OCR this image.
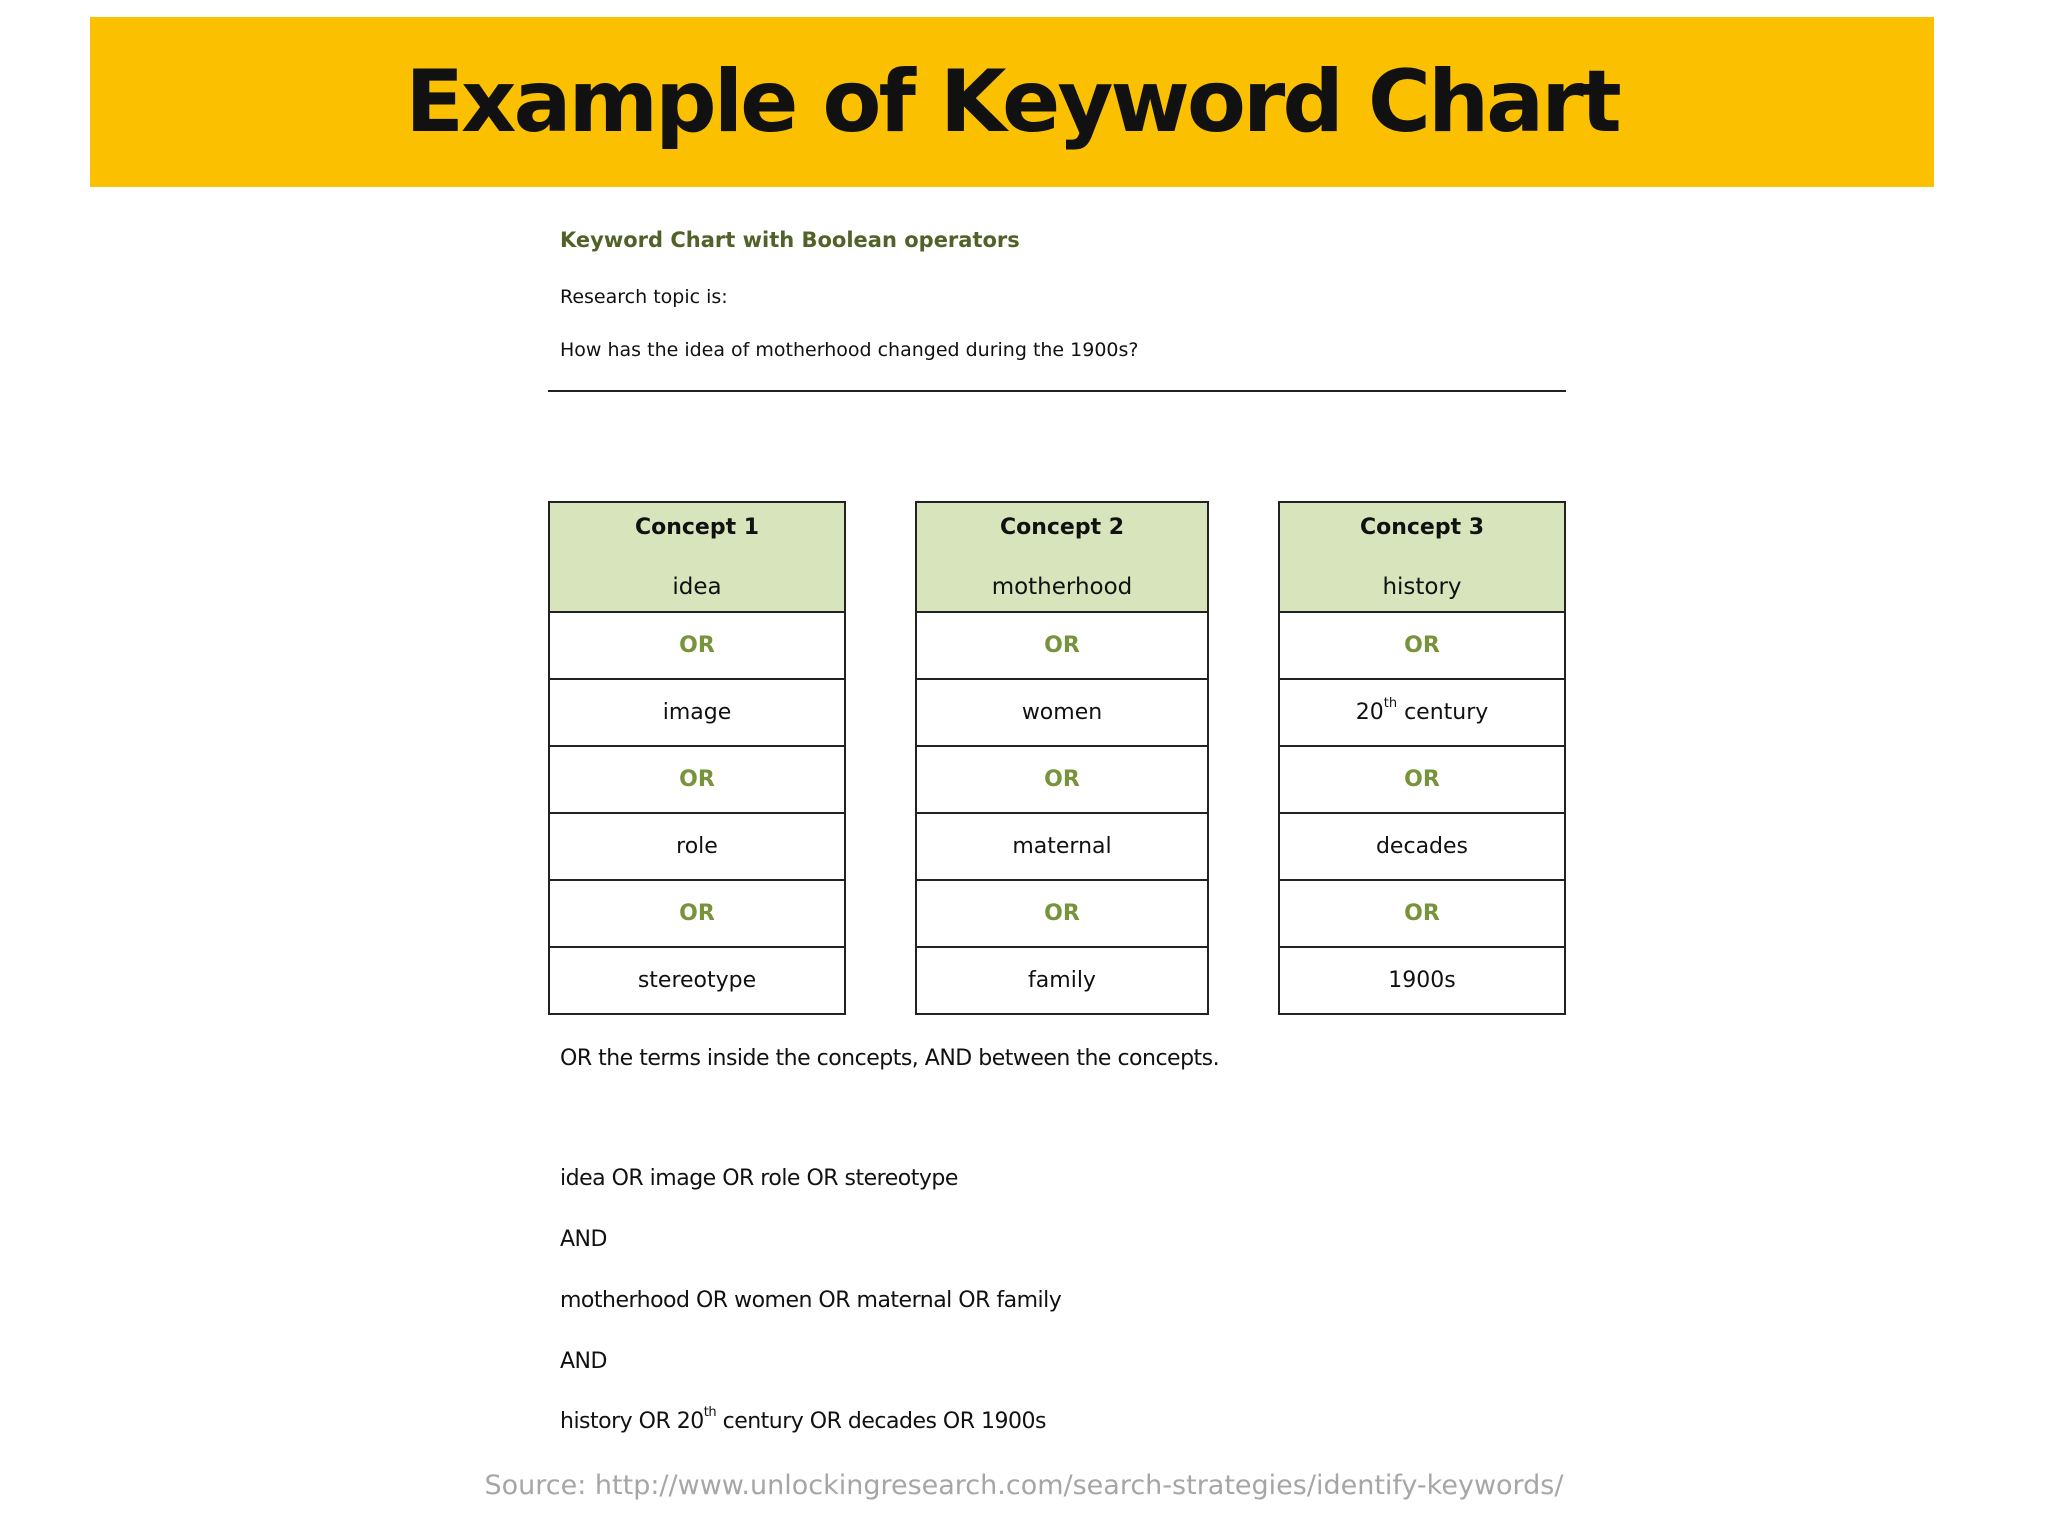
Example of Keyword Chart
Keyword Chart with Boolean operators
Research topic is:
How has the idea of motherhood changed during the 1900s?
Concept 1
idea

OR
image
OR
role
OR
stereotype
Concept 2
motherhood

OR
women
OR
maternal
OR
family
Concept 3
history

OR
20th century
OR
decades
OR
1900s
OR the terms inside the concepts, AND between the concepts.
idea OR image OR role OR stereotype
AND
motherhood OR women OR maternal OR family
AND
history OR 20th century OR decades OR 1900s
Source: http://www.unlockingresearch.com/search-strategies/identify-keywords/
